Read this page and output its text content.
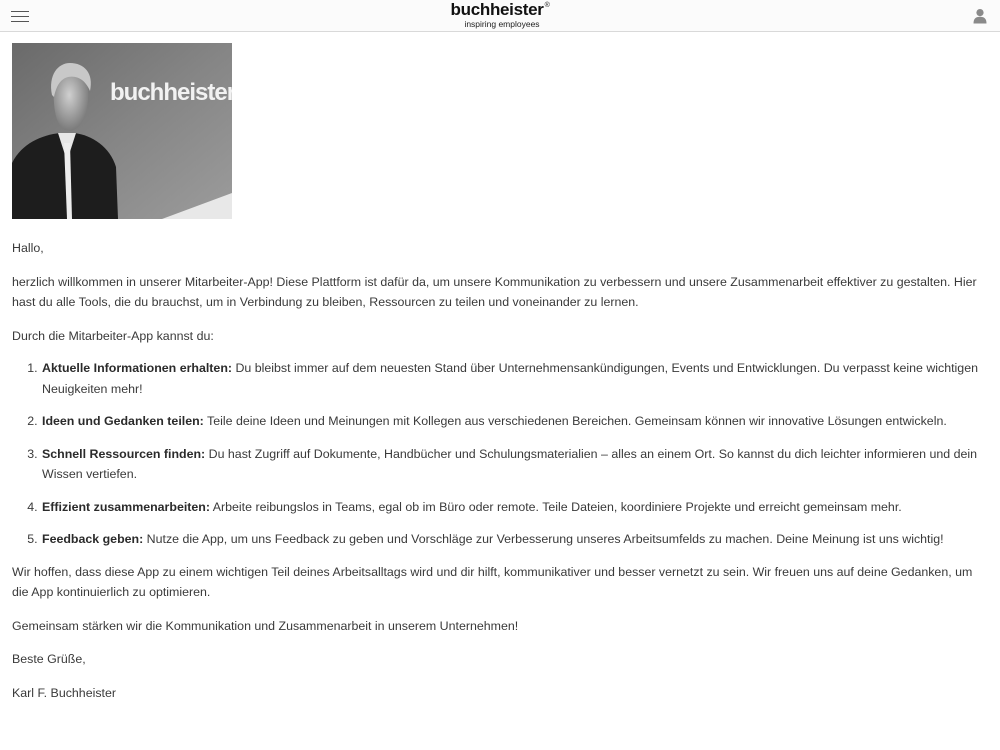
buchheister®
inspiring employees
buchheister

Hallo,

herzlich willkommen in unserer Mitarbeiter-App! Diese Plattform ist dafür da, um unsere Kommunikation zu verbessern und unsere Zusammenarbeit effektiver zu gestalten. Hier hast du alle Tools, die du brauchst, um in Verbindung zu bleiben, Ressourcen zu teilen und voneinander zu lernen.

Durch die Mitarbeiter-App kannst du:

1. Aktuelle Informationen erhalten: Du bleibst immer auf dem neuesten Stand über Unternehmensankündigungen, Events und Entwicklungen. Du verpasst keine wichtigen Neuigkeiten mehr!
2. Ideen und Gedanken teilen: Teile deine Ideen und Meinungen mit Kollegen aus verschiedenen Bereichen. Gemeinsam können wir innovative Lösungen entwickeln.
3. Schnell Ressourcen finden: Du hast Zugriff auf Dokumente, Handbücher und Schulungsmaterialien – alles an einem Ort. So kannst du dich leichter informieren und dein Wissen vertiefen.
4. Effizient zusammenarbeiten: Arbeite reibungslos in Teams, egal ob im Büro oder remote. Teile Dateien, koordiniere Projekte und erreicht gemeinsam mehr.
5. Feedback geben: Nutze die App, um uns Feedback zu geben und Vorschläge zur Verbesserung unseres Arbeitsumfelds zu machen. Deine Meinung ist uns wichtig!

Wir hoffen, dass diese App zu einem wichtigen Teil deines Arbeitsalltags wird und dir hilft, kommunikativer und besser vernetzt zu sein. Wir freuen uns auf deine Gedanken, um die App kontinuierlich zu optimieren.

Gemeinsam stärken wir die Kommunikation und Zusammenarbeit in unserem Unternehmen!

Beste Grüße,

Karl F. Buchheister
